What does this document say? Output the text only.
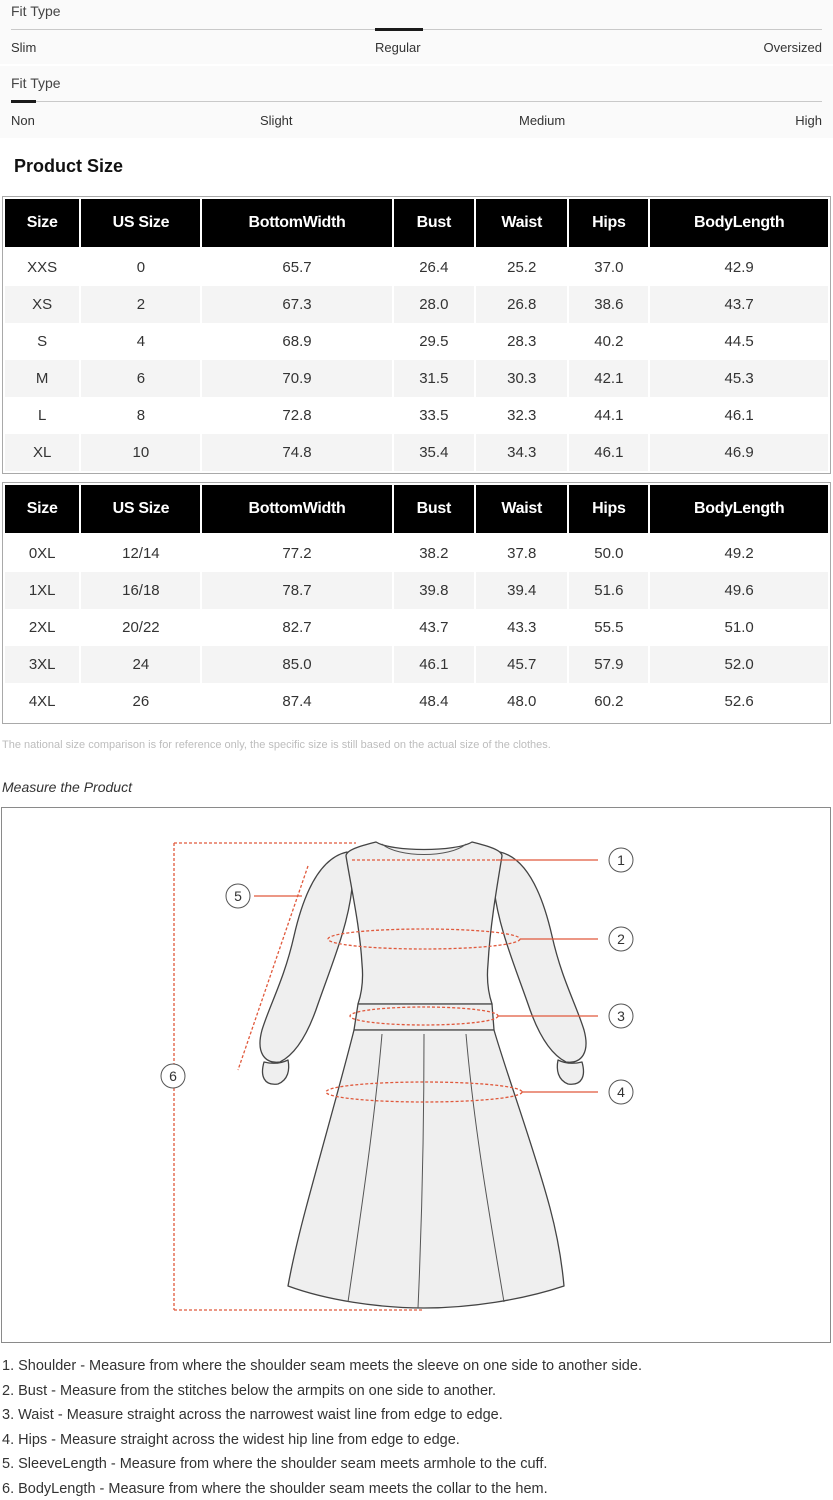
Fit Type
Slim	Regular	Oversized
Fit Type
Non	Slight	Medium	High
Product Size
Size	US Size	BottomWidth	Bust	Waist	Hips	BodyLength
XXS	0	65.7	26.4	25.2	37.0	42.9
XS	2	67.3	28.0	26.8	38.6	43.7
S	4	68.9	29.5	28.3	40.2	44.5
M	6	70.9	31.5	30.3	42.1	45.3
L	8	72.8	33.5	32.3	44.1	46.1
XL	10	74.8	35.4	34.3	46.1	46.9
Size	US Size	BottomWidth	Bust	Waist	Hips	BodyLength
0XL	12/14	77.2	38.2	37.8	50.0	49.2
1XL	16/18	78.7	39.8	39.4	51.6	49.6
2XL	20/22	82.7	43.7	43.3	55.5	51.0
3XL	24	85.0	46.1	45.7	57.9	52.0
4XL	26	87.4	48.4	48.0	60.2	52.6
The national size comparison is for reference only, the specific size is still based on the actual size of the clothes.
Measure the Product
1
2
3
4
5
6
1. Shoulder - Measure from where the shoulder seam meets the sleeve on one side to another side.
2. Bust - Measure from the stitches below the armpits on one side to another.
3. Waist - Measure straight across the narrowest waist line from edge to edge.
4. Hips - Measure straight across the widest hip line from edge to edge.
5. SleeveLength - Measure from where the shoulder seam meets armhole to the cuff.
6. BodyLength - Measure from where the shoulder seam meets the collar to the hem.
